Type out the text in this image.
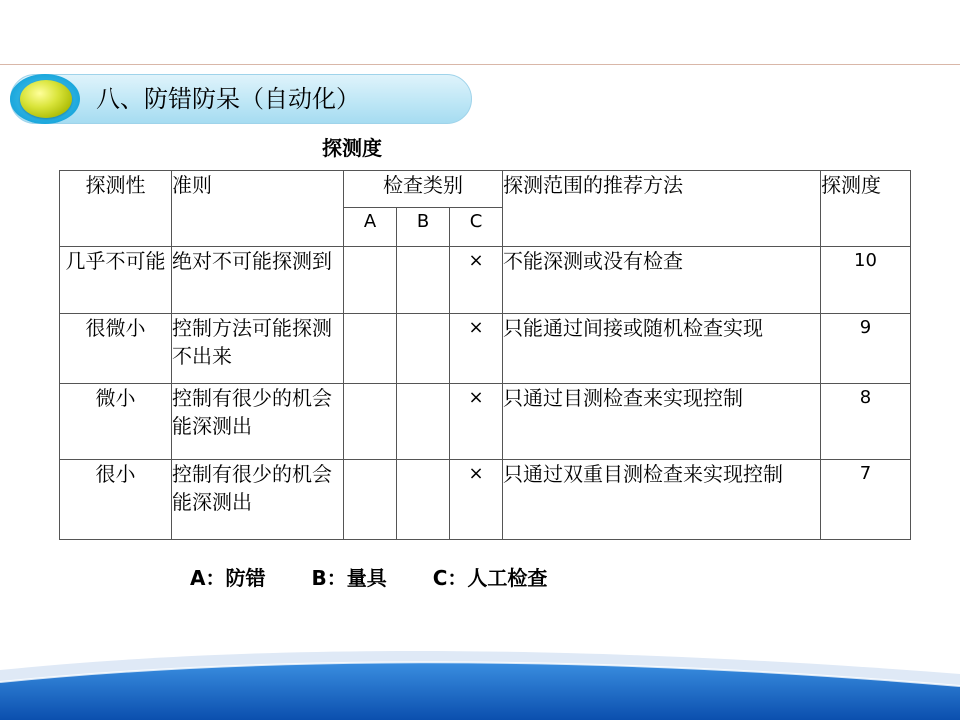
八、防错防呆（自动化）
探测度
探测性	准则	检查类别			探测范围的推荐方法	探测度
		A	B	C		
几乎不可能	绝对不可能探测到			×	不能深测或没有检查	10
很微小	控制方法可能探测不出来			×	只能通过间接或随机检查实现	9
微小	控制有很少的机会能深测出			×	只通过目测检查来实现控制	8
很小	控制有很少的机会能深测出			×	只通过双重目测检查来实现控制	7
A：防错 B：量具 C：人工检查
